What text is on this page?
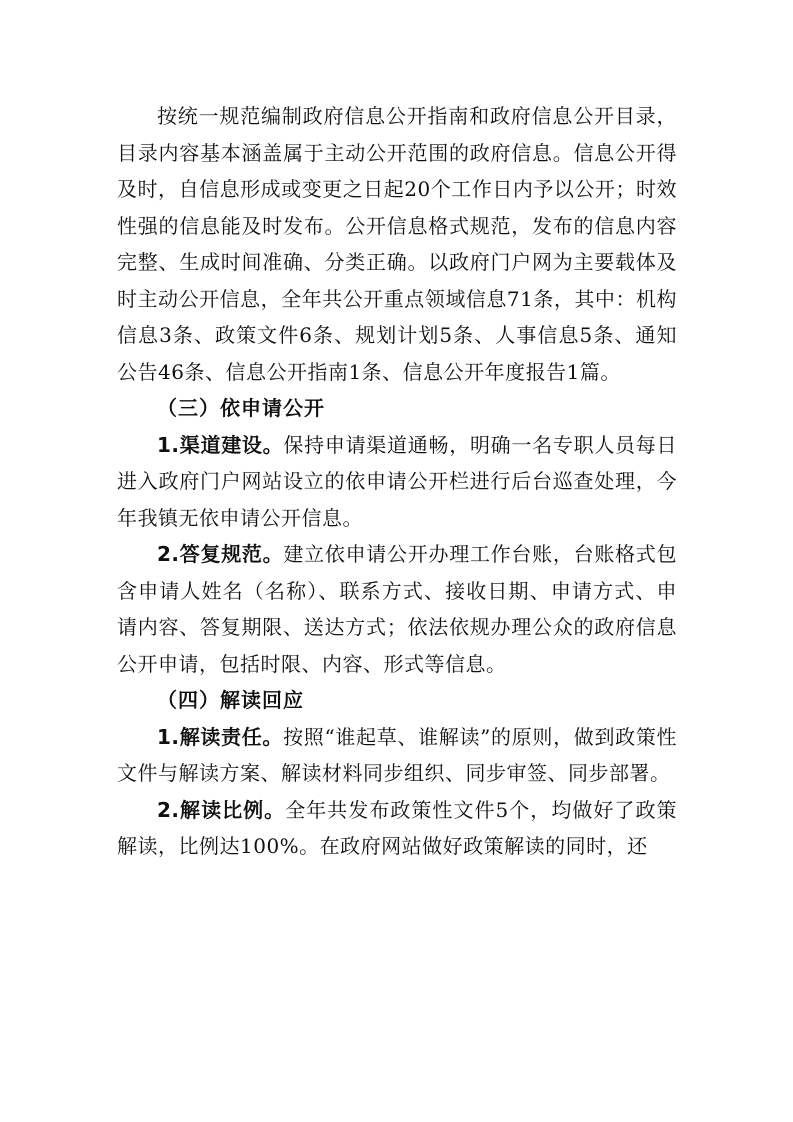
按统一规范编制政府信息公开指南和政府信息公开目录，目录内容基本涵盖属于主动公开范围的政府信息。信息公开得及时，自信息形成或变更之日起20个工作日内予以公开；时效性强的信息能及时发布。公开信息格式规范，发布的信息内容完整、生成时间准确、分类正确。以政府门户网为主要载体及时主动公开信息，全年共公开重点领域信息71条，其中：机构信息3条、政策文件6条、规划计划5条、人事信息5条、通知公告46条、信息公开指南1条、信息公开年度报告1篇。

（三）依申请公开

1.渠道建设。保持申请渠道通畅，明确一名专职人员每日进入政府门户网站设立的依申请公开栏进行后台巡查处理，今年我镇无依申请公开信息。

2.答复规范。建立依申请公开办理工作台账，台账格式包含申请人姓名（名称）、联系方式、接收日期、申请方式、申请内容、答复期限、送达方式；依法依规办理公众的政府信息公开申请，包括时限、内容、形式等信息。

（四）解读回应

1.解读责任。按照“谁起草、谁解读”的原则，做到政策性文件与解读方案、解读材料同步组织、同步审签、同步部署。

2.解读比例。全年共发布政策性文件5个，均做好了政策解读，比例达100%。在政府网站做好政策解读的同时，还
